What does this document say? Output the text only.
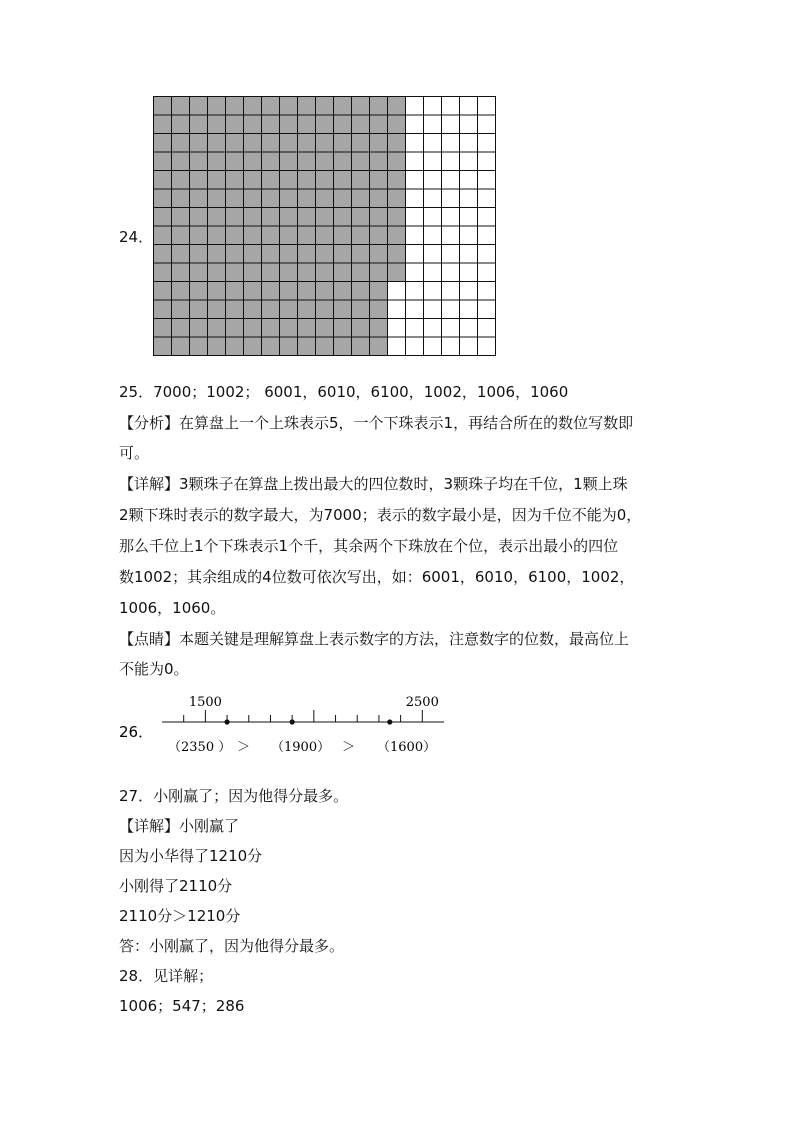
24．
25．7000；1002； 6001，6010，6100，1002，1006，1060
【分析】在算盘上一个上珠表示5，一个下珠表示1，再结合所在的数位写数即
可。
【详解】3颗珠子在算盘上拨出最大的四位数时，3颗珠子均在千位，1颗上珠
2颗下珠时表示的数字最大，为7000；表示的数字最小是，因为千位不能为0，
那么千位上1个下珠表示1个千，其余两个下珠放在个位，表示出最小的四位
数1002；其余组成的4位数可依次写出，如：6001，6010，6100，1002，
1006，1060。
【点睛】本题关键是理解算盘上表示数字的方法，注意数字的位数，最高位上
不能为0。
26．
1500	2500
（2350 ） ＞ （1900） ＞ （1600）
27．小刚赢了；因为他得分最多。
【详解】小刚赢了
因为小华得了1210分
小刚得了2110分
2110分＞1210分
答：小刚赢了，因为他得分最多。
28．见详解；
1006；547；286
